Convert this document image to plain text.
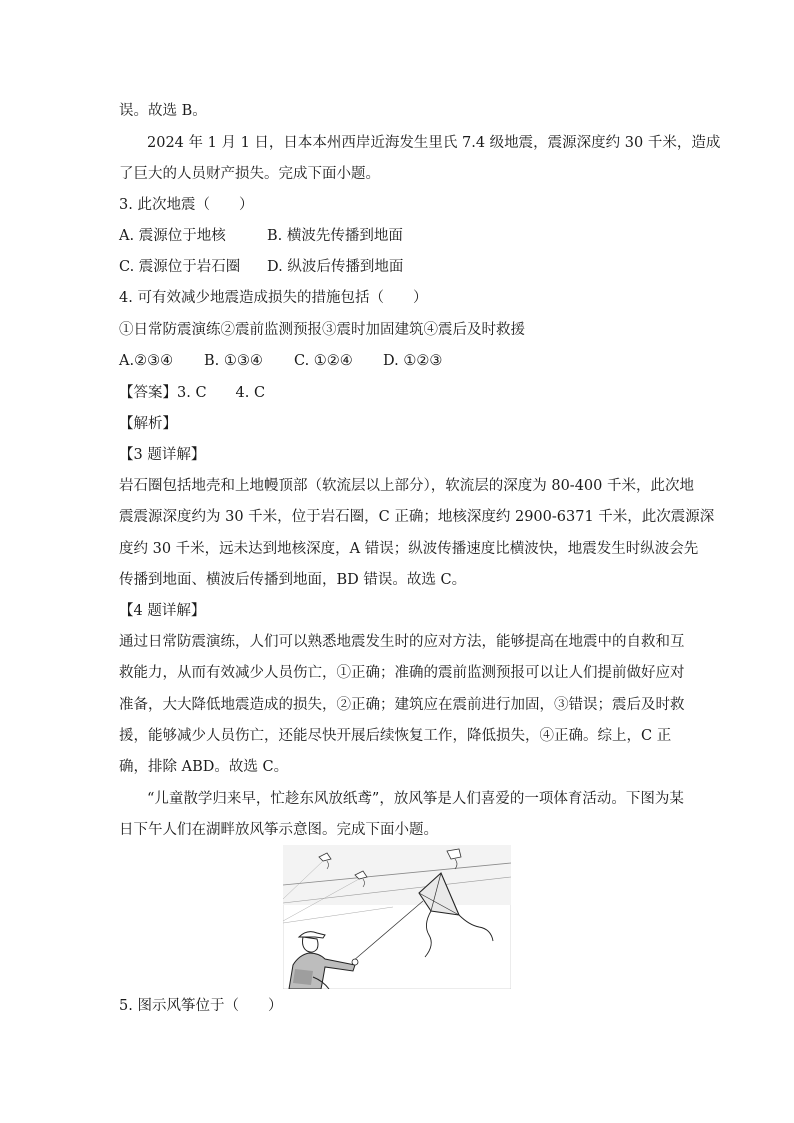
误。故选 B。
2024 年 1 月 1 日，日本本州西岸近海发生里氏 7.4 级地震，震源深度约 30 千米，造成
了巨大的人员财产损失。完成下面小题。
3. 此次地震（　　）
A. 震源位于地核	B. 横波先传播到地面
C. 震源位于岩石圈 D. 纵波后传播到地面
4. 可有效减少地震造成损失的措施包括（　　）
①日常防震演练②震前监测预报③震时加固建筑④震后及时救援
A.②③④ B. ①③④ C. ①②④ D. ①②③
【答案】3. C　　4. C
【解析】
【3 题详解】
岩石圈包括地壳和上地幔顶部（软流层以上部分），软流层的深度为 80-400 千米，此次地
震震源深度约为 30 千米，位于岩石圈，C 正确；地核深度约 2900-6371 千米，此次震源深
度约 30 千米，远未达到地核深度，A 错误；纵波传播速度比横波快，地震发生时纵波会先
传播到地面、横波后传播到地面，BD 错误。故选 C。
【4 题详解】
通过日常防震演练，人们可以熟悉地震发生时的应对方法，能够提高在地震中的自救和互
救能力，从而有效减少人员伤亡，①正确；准确的震前监测预报可以让人们提前做好应对
准备，大大降低地震造成的损失，②正确；建筑应在震前进行加固，③错误；震后及时救
援，能够减少人员伤亡，还能尽快开展后续恢复工作，降低损失，④正确。综上，C 正
确，排除 ABD。故选 C。
“儿童散学归来早，忙趁东风放纸鸢”，放风筝是人们喜爱的一项体育活动。下图为某
日下午人们在湖畔放风筝示意图。完成下面小题。
5. 图示风筝位于（　　）
